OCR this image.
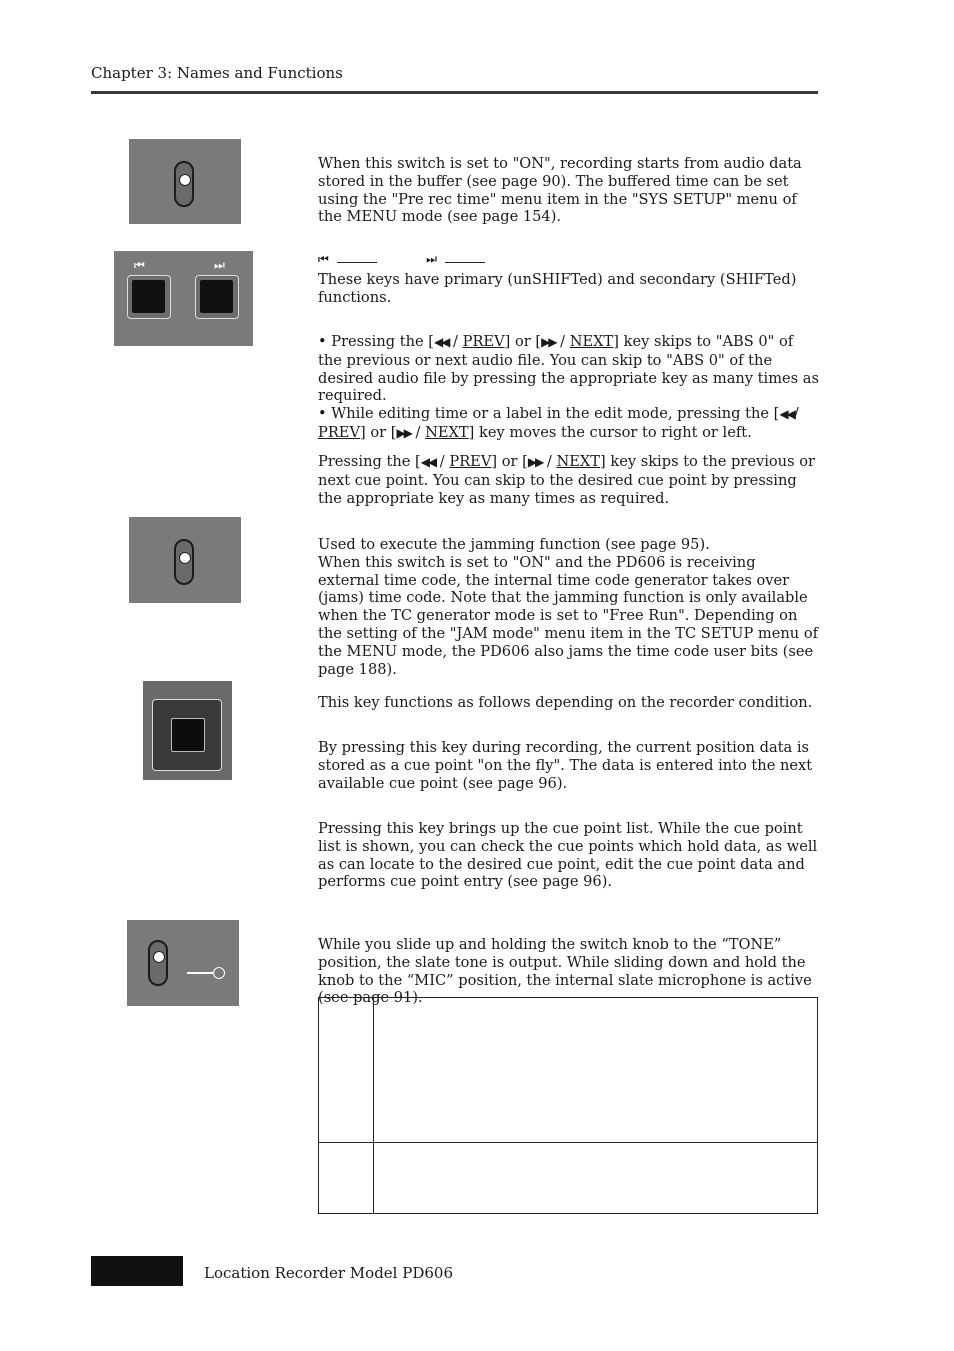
Chapter 3: Names and Functions

When this switch is set to "ON", recording starts from audio data stored in the buffer (see page 90). The buffered time can be set using the "Pre rec time" menu item in the "SYS SETUP" menu of the MENU mode (see page 154).

⏮	⏭	⏮	⏭

These keys have primary (unSHIFTed) and secondary (SHIFTed) functions.

• Pressing the [◀◀ / PREV] or [▶▶ / NEXT] key skips to "ABS 0" of the previous or next audio file. You can skip to "ABS 0" of the desired audio file by pressing the appropriate key as many times as required.

• While editing time or a label in the edit mode, pressing the [◀◀/ PREV] or [▶▶ / NEXT] key moves the cursor to right or left.

Pressing the [◀◀ / PREV] or [▶▶ / NEXT] key skips to the previous or next cue point. You can skip to the desired cue point by pressing the appropriate key as many times as required.

Used to execute the jamming function (see page 95).

When this switch is set to "ON" and the PD606 is receiving external time code, the internal time code generator takes over (jams) time code. Note that the jamming function is only available when the TC generator mode is set to "Free Run". Depending on the setting of the "JAM mode" menu item in the TC SETUP menu of the MENU mode, the PD606 also jams the time code user bits (see page 188).

This key functions as follows depending on the recorder condition.

By pressing this key during recording, the current position data is stored as a cue point "on the fly". The data is entered into the next available cue point (see page 96).

Pressing this key brings up the cue point list. While the cue point list is shown, you can check the cue points which hold data, as well as can locate to the desired cue point, edit the cue point data and performs cue point entry (see page 96).

While you slide up and holding the switch knob to the “TONE” position, the slate tone is output. While sliding down and hold the knob to the “MIC” position, the internal slate microphone is active (see page 91).

Location Recorder Model PD606
